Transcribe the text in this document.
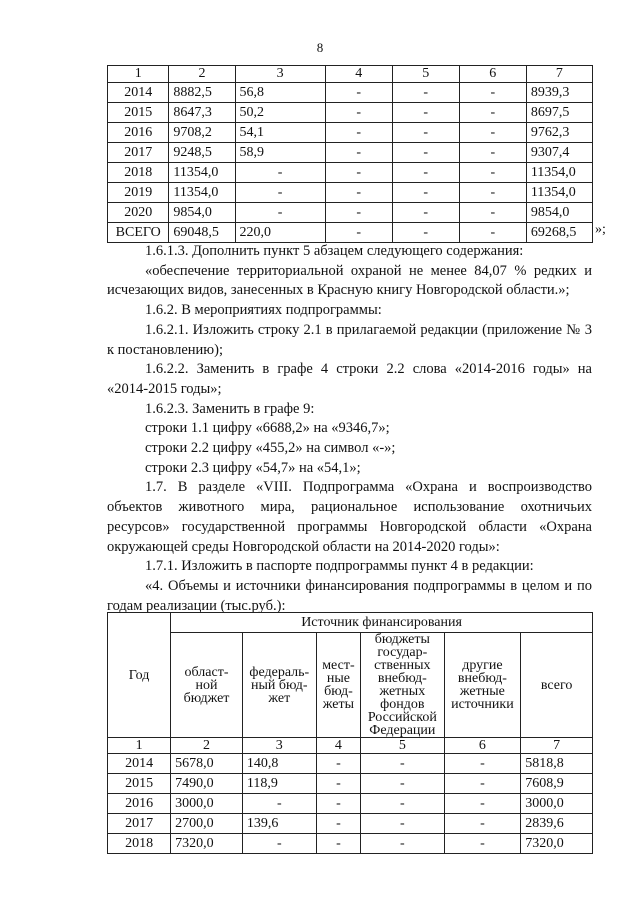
8
1	2	3	4	5	6	7
2014	8882,5	56,8	-	-	-	8939,3
2015	8647,3	50,2	-	-	-	8697,5
2016	9708,2	54,1	-	-	-	9762,3
2017	9248,5	58,9	-	-	-	9307,4
2018	11354,0	-	-	-	-	11354,0
2019	11354,0	-	-	-	-	11354,0
2020	9854,0	-	-	-	-	9854,0
ВСЕГО	69048,5	220,0	-	-	-	69268,5 »;

1.6.1.3. Дополнить пункт 5 абзацем следующего содержания:

«обеспечение территориальной охраной не менее 84,07 % редких и исчезающих видов, занесенных в Красную книгу Новгородской области.»;

1.6.2. В мероприятиях подпрограммы:

1.6.2.1. Изложить строку 2.1 в прилагаемой редакции (приложение № 3 к постановлению);

1.6.2.2. Заменить в графе 4 строки 2.2 слова «2014-2016 годы» на «2014-2015 годы»;

1.6.2.3. Заменить в графе 9:

строки 1.1 цифру «6688,2» на «9346,7»;

строки 2.2 цифру «455,2» на символ «-»;

строки 2.3 цифру «54,7» на «54,1»;

1.7. В разделе «VIII. Подпрограмма «Охрана и воспроизводство объектов животного мира, рациональное использование охотничьих ресурсов» государственной программы Новгородской области «Охрана окружающей среды Новгородской области на 2014-2020 годы»:

1.7.1. Изложить в паспорте подпрограммы пункт 4 в редакции:

«4. Объемы и источники финансирования подпрограммы в целом и по годам реализации (тыс.руб.):

Год	Источник финансирования					
	област-ной бюджет	федераль-ный бюд-жет	мест-ные бюд-жеты	бюджеты государ-ственных внебюд-жетных фондов Российской Федерации	другие внебюд-жетные источники	всего
1	2	3	4	5	6	7
2014	5678,0	140,8	-	-	-	5818,8
2015	7490,0	118,9	-	-	-	7608,9
2016	3000,0	-	-	-	-	3000,0
2017	2700,0	139,6	-	-	-	2839,6
2018	7320,0	-	-	-	-	7320,0
